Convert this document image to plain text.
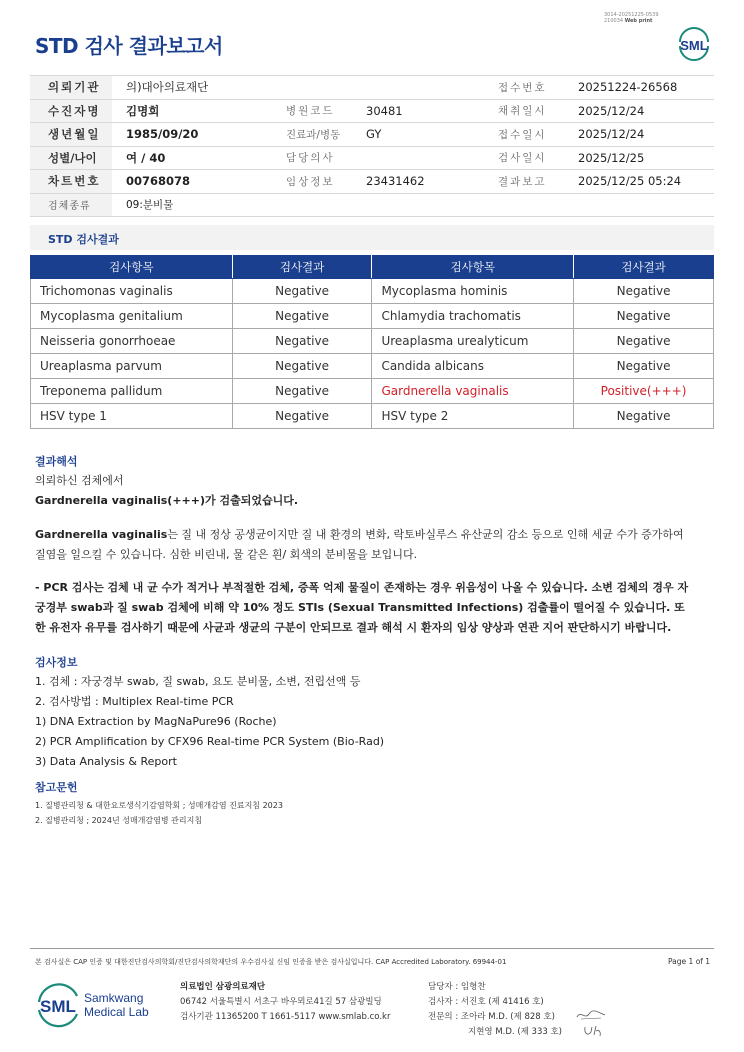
3014-20251225-0539
210034 Web print
STD 검사 결과보고서	SML
의뢰기관	의)대아의료재단			접수번호	20251224-26568
수진자명	김명희	병원코드	30481	채취일시	2025/12/24
생년월일	1985/09/20	진료과/병동	GY	접수일시	2025/12/24
성별/나이	여 / 40	담당의사		검사일시	2025/12/25
차트번호	00768078	임상정보	23431462	결과보고	2025/12/25 05:24
검체종류	09:분비물				
STD 검사결과
검사항목	검사결과	검사항목	검사결과
Trichomonas vaginalis	Negative	Mycoplasma hominis	Negative
Mycoplasma genitalium	Negative	Chlamydia trachomatis	Negative
Neisseria gonorrhoeae	Negative	Ureaplasma urealyticum	Negative
Ureaplasma parvum	Negative	Candida albicans	Negative
Treponema pallidum	Negative	Gardnerella vaginalis	Positive(+++)
HSV type 1	Negative	HSV type 2	Negative
결과해석
의뢰하신 검체에서
Gardnerella vaginalis(+++)가 검출되었습니다.
Gardnerella vaginalis는 질 내 정상 공생균이지만 질 내 환경의 변화, 락토바실루스 유산균의 감소 등으로 인해 세균 수가 증가하여 질염을 일으킬 수 있습니다. 심한 비린내, 물 같은 흰/ 회색의 분비물을 보입니다.
- PCR 검사는 검체 내 균 수가 적거나 부적절한 검체, 증폭 억제 물질이 존재하는 경우 위음성이 나올 수 있습니다. 소변 검체의 경우 자궁경부 swab과 질 swab 검체에 비해 약 10% 정도 STIs (Sexual Transmitted Infections) 검출률이 떨어질 수 있습니다. 또한 유전자 유무를 검사하기 때문에 사균과 생균의 구분이 안되므로 결과 해석 시 환자의 임상 양상과 연관 지어 판단하시기 바랍니다.
검사정보
1. 검체 : 자궁경부 swab, 질 swab, 요도 분비물, 소변, 전립선액 등
2. 검사방법 : Multiplex Real-time PCR
1) DNA Extraction by MagNaPure96 (Roche)
2) PCR Amplification by CFX96 Real-time PCR System (Bio-Rad)
3) Data Analysis & Report
참고문헌
1. 질병관리청 & 대한요로생식기감염학회 ; 성매개감염 진료지침 2023
2. 질병관리청 ; 2024년 성매개감염병 관리지침
본 검사실은 CAP 인증 및 대한진단검사의학회/진단검사의학재단의 우수검사실 신임 인증을 받은 검사실입니다. CAP Accredited Laboratory. 69944-01	Page 1 of 1
SML Samkwang
Medical Lab
의료법인 삼광의료재단
06742 서울특별시 서초구 바우뫼로41길 57 삼광빌딩
검사기관 11365200 T 1661-5117 www.smlab.co.kr
담당자 : 임형찬
검사자 : 서진호 (제 41416 호)
전문의 : 조아라 M.D. (제 828 호)
지현영 M.D. (제 333 호)
